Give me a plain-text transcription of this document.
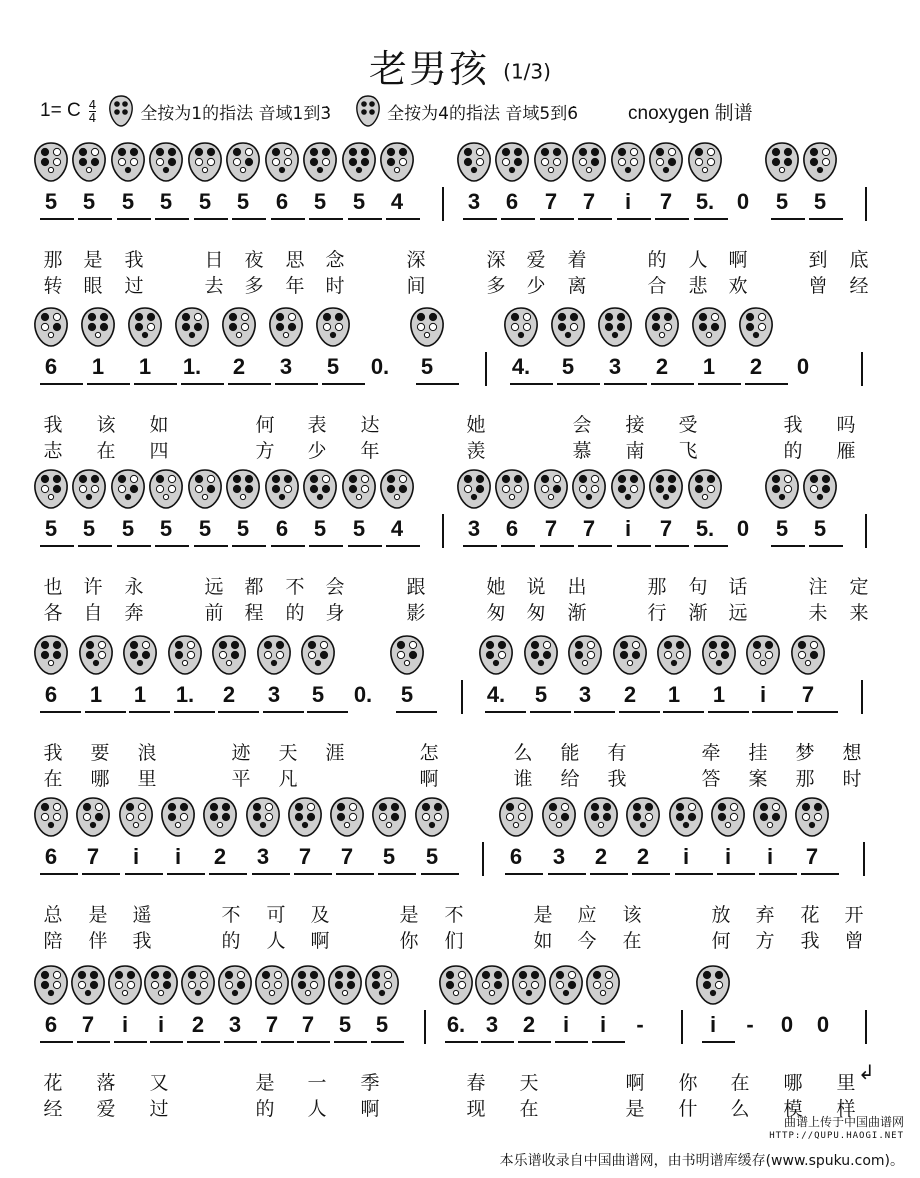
老男孩 (1/3)
1= C $\frac{4}{4}$	全按为1的指法 音域1到3̇	全按为4的指法 音域5到6̇	cnoxygen 制谱
5	5	5	5	5	5	6	5	5	4	3	6	7	7	i	7	5.	0	5	5
那 是 我	日 夜 思 念	深	深 爱 着	的 人 啊	到 底
转 眼 过	去 多 年 时	间	多 少 离	合 悲 欢	曾 经
6	1	1	1.	2	3	5	0.	5	4.	5	3	2	1	2	0
我 该 如	何 表 达	她	会 接 受	我 吗
志 在 四	方 少 年	羡	慕 南 飞	的 雁
5	5	5	5	5	5	6	5	5	4	3	6	7	7	i	7	5.	0	5	5
也 许 永	远 都 不 会	跟	她 说 出	那 句 话	注 定
各 自 奔	前 程 的 身	影	匆 匆 渐	行 渐 远	未 来
6	1	1	1.	2	3	5	0.	5	4.	5	3	2	1	1	i	7
我 要 浪	迹 天 涯	怎	么 能 有	牵 挂 梦 想
在 哪 里	平 凡	啊	谁 给 我	答 案 那 时
6	7	i	i	2	3	7	7	5	5	6	3	2	2	i	i	i	7
总 是 遥	不 可 及	是 不	是 应 该	放 弃 花 开
陪 伴 我	的 人 啊	你 们	如 今 在	何 方 我 曾
6	7	i	i	2	3	7	7	5	5	6. 3	2	i	i	-	i	-	0	0
花 落 又	是 一 季	春 天	啊 你 在 哪 里
经 爱 过	的 人 啊	现 在	是 什 么 模 样
↲
曲谱上传于中国曲谱网
HTTP://QUPU.HAOGI.NET
本乐谱收录自中国曲谱网，由书明谱库缓存(www.spuku.com)。
